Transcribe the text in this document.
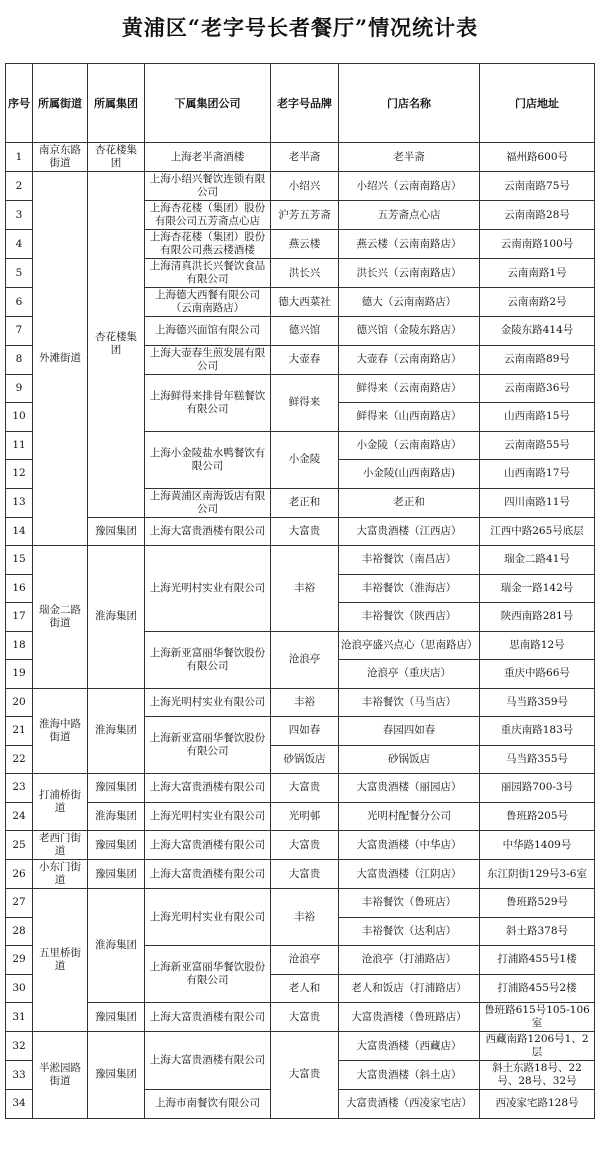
黄浦区“老字号长者餐厅”情况统计表
序号	所属街道	所属集团	下属集团公司	老字号品牌	门店名称	门店地址
1	南京东路街道	杏花楼集团	上海老半斋酒楼	老半斋	老半斋	福州路600号
2	外滩街道	杏花楼集团	上海小绍兴餐饮连锁有限公司	小绍兴	小绍兴（云南南路店）	云南南路75号
3			上海杏花楼（集团）股份有限公司五芳斋点心店	沪芳五芳斋	五芳斋点心店	云南南路28号
4			上海杏花楼（集团）股份有限公司燕云楼酒楼	燕云楼	燕云楼（云南南路店）	云南南路100号
5			上海清真洪长兴餐饮食品有限公司	洪长兴	洪长兴（云南南路店）	云南南路1号
6			上海德大西餐有限公司（云南南路店）	德大西菜社	德大（云南南路店）	云南南路2号
7			上海德兴面馆有限公司	德兴馆	德兴馆（金陵东路店）	金陵东路414号
8			上海大壶春生煎发展有限公司	大壶春	大壶春（云南南路店）	云南南路89号
9			上海鲜得来排骨年糕餐饮有限公司	鲜得来	鲜得来（云南南路店）	云南南路36号
10					鲜得来（山西南路店）	山西南路15号
11			上海小金陵盐水鸭餐饮有限公司	小金陵	小金陵（云南南路店）	云南南路55号
12					小金陵(山西南路店)	山西南路17号
13			上海黄浦区南海饭店有限公司	老正和	老正和	四川南路11号
14		豫园集团	上海大富贵酒楼有限公司	大富贵	大富贵酒楼（江西店）	江西中路265号底层
15	瑞金二路街道	淮海集团	上海光明村实业有限公司	丰裕	丰裕餐饮（南昌店）	瑞金二路41号
16					丰裕餐饮（淮海店）	瑞金一路142号
17					丰裕餐饮（陕西店）	陕西南路281号
18			上海新亚富丽华餐饮股份有限公司	沧浪亭	沧浪亭盛兴点心（思南路店）	思南路12号
19					沧浪亭（重庆店）	重庆中路66号
20	淮海中路街道	淮海集团	上海光明村实业有限公司	丰裕	丰裕餐饮（马当店）	马当路359号
21			上海新亚富丽华餐饮股份有限公司	四如春	春园四如春	重庆南路183号
22				砂锅饭店	砂锅饭店	马当路355号
23	打浦桥街道	豫园集团	上海大富贵酒楼有限公司	大富贵	大富贵酒楼（丽园店）	丽园路700-3号
24		淮海集团	上海光明村实业有限公司	光明邨	光明村配餐分公司	鲁班路205号
25	老西门街道	豫园集团	上海大富贵酒楼有限公司	大富贵	大富贵酒楼（中华店）	中华路1409号
26	小东门街道	豫园集团	上海大富贵酒楼有限公司	大富贵	大富贵酒楼（江阴店）	东江阴街129号3-6室
27	五里桥街道	淮海集团	上海光明村实业有限公司	丰裕	丰裕餐饮（鲁班店）	鲁班路529号
28					丰裕餐饮（达利店）	斜土路378号
29			上海新亚富丽华餐饮股份有限公司	沧浪亭	沧浪亭（打浦路店）	打浦路455号1楼
30				老人和	老人和饭店（打浦路店）	打浦路455号2楼
31		豫园集团	上海大富贵酒楼有限公司	大富贵	大富贵酒楼（鲁班路店）	鲁班路615号105-106室
32	半淞园路街道	豫园集团	上海大富贵酒楼有限公司	大富贵	大富贵酒楼（西藏店）	西藏南路1206号1、2层
33					大富贵酒楼（斜土店）	斜土东路18号、22号、28号、32号
34			上海市南餐饮有限公司		大富贵酒楼（西凌家宅店）	西凌家宅路128号
